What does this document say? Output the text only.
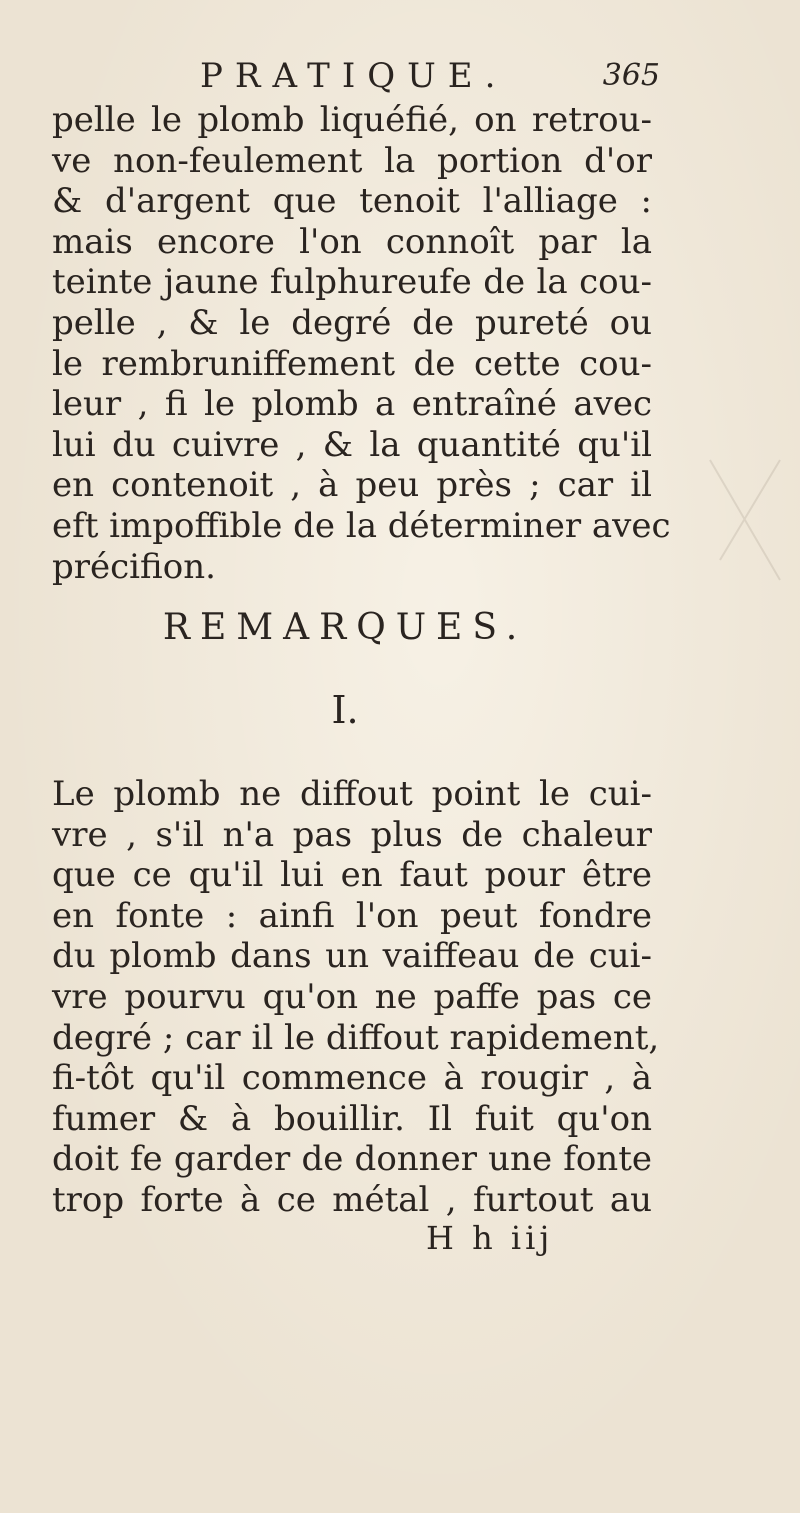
PRATIQUE.	365
pelle le plomb liquéfié, on retrou-
ve non-feulement la portion d'or
& d'argent que tenoit l'alliage :
mais encore l'on connoît par la
teinte jaune fulphureufe de la cou-
pelle , & le degré de pureté ou
le rembruniffement de cette cou-
leur , fi le plomb a entraîné avec
lui du cuivre , & la quantité qu'il
en contenoit , à peu près ; car il
eft impoffible de la déterminer avec
précifion.
REMARQUES.
I.
Le plomb ne diffout point le cui-
vre , s'il n'a pas plus de chaleur
que ce qu'il lui en faut pour être
en fonte : ainfi l'on peut fondre
du plomb dans un vaiffeau de cui-
vre pourvu qu'on ne paffe pas ce
degré ; car il le diffout rapidement,
fi-tôt qu'il commence à rougir , à
fumer & à bouillir. Il fuit qu'on
doit fe garder de donner une fonte
trop forte à ce métal , furtout au
H h iij
